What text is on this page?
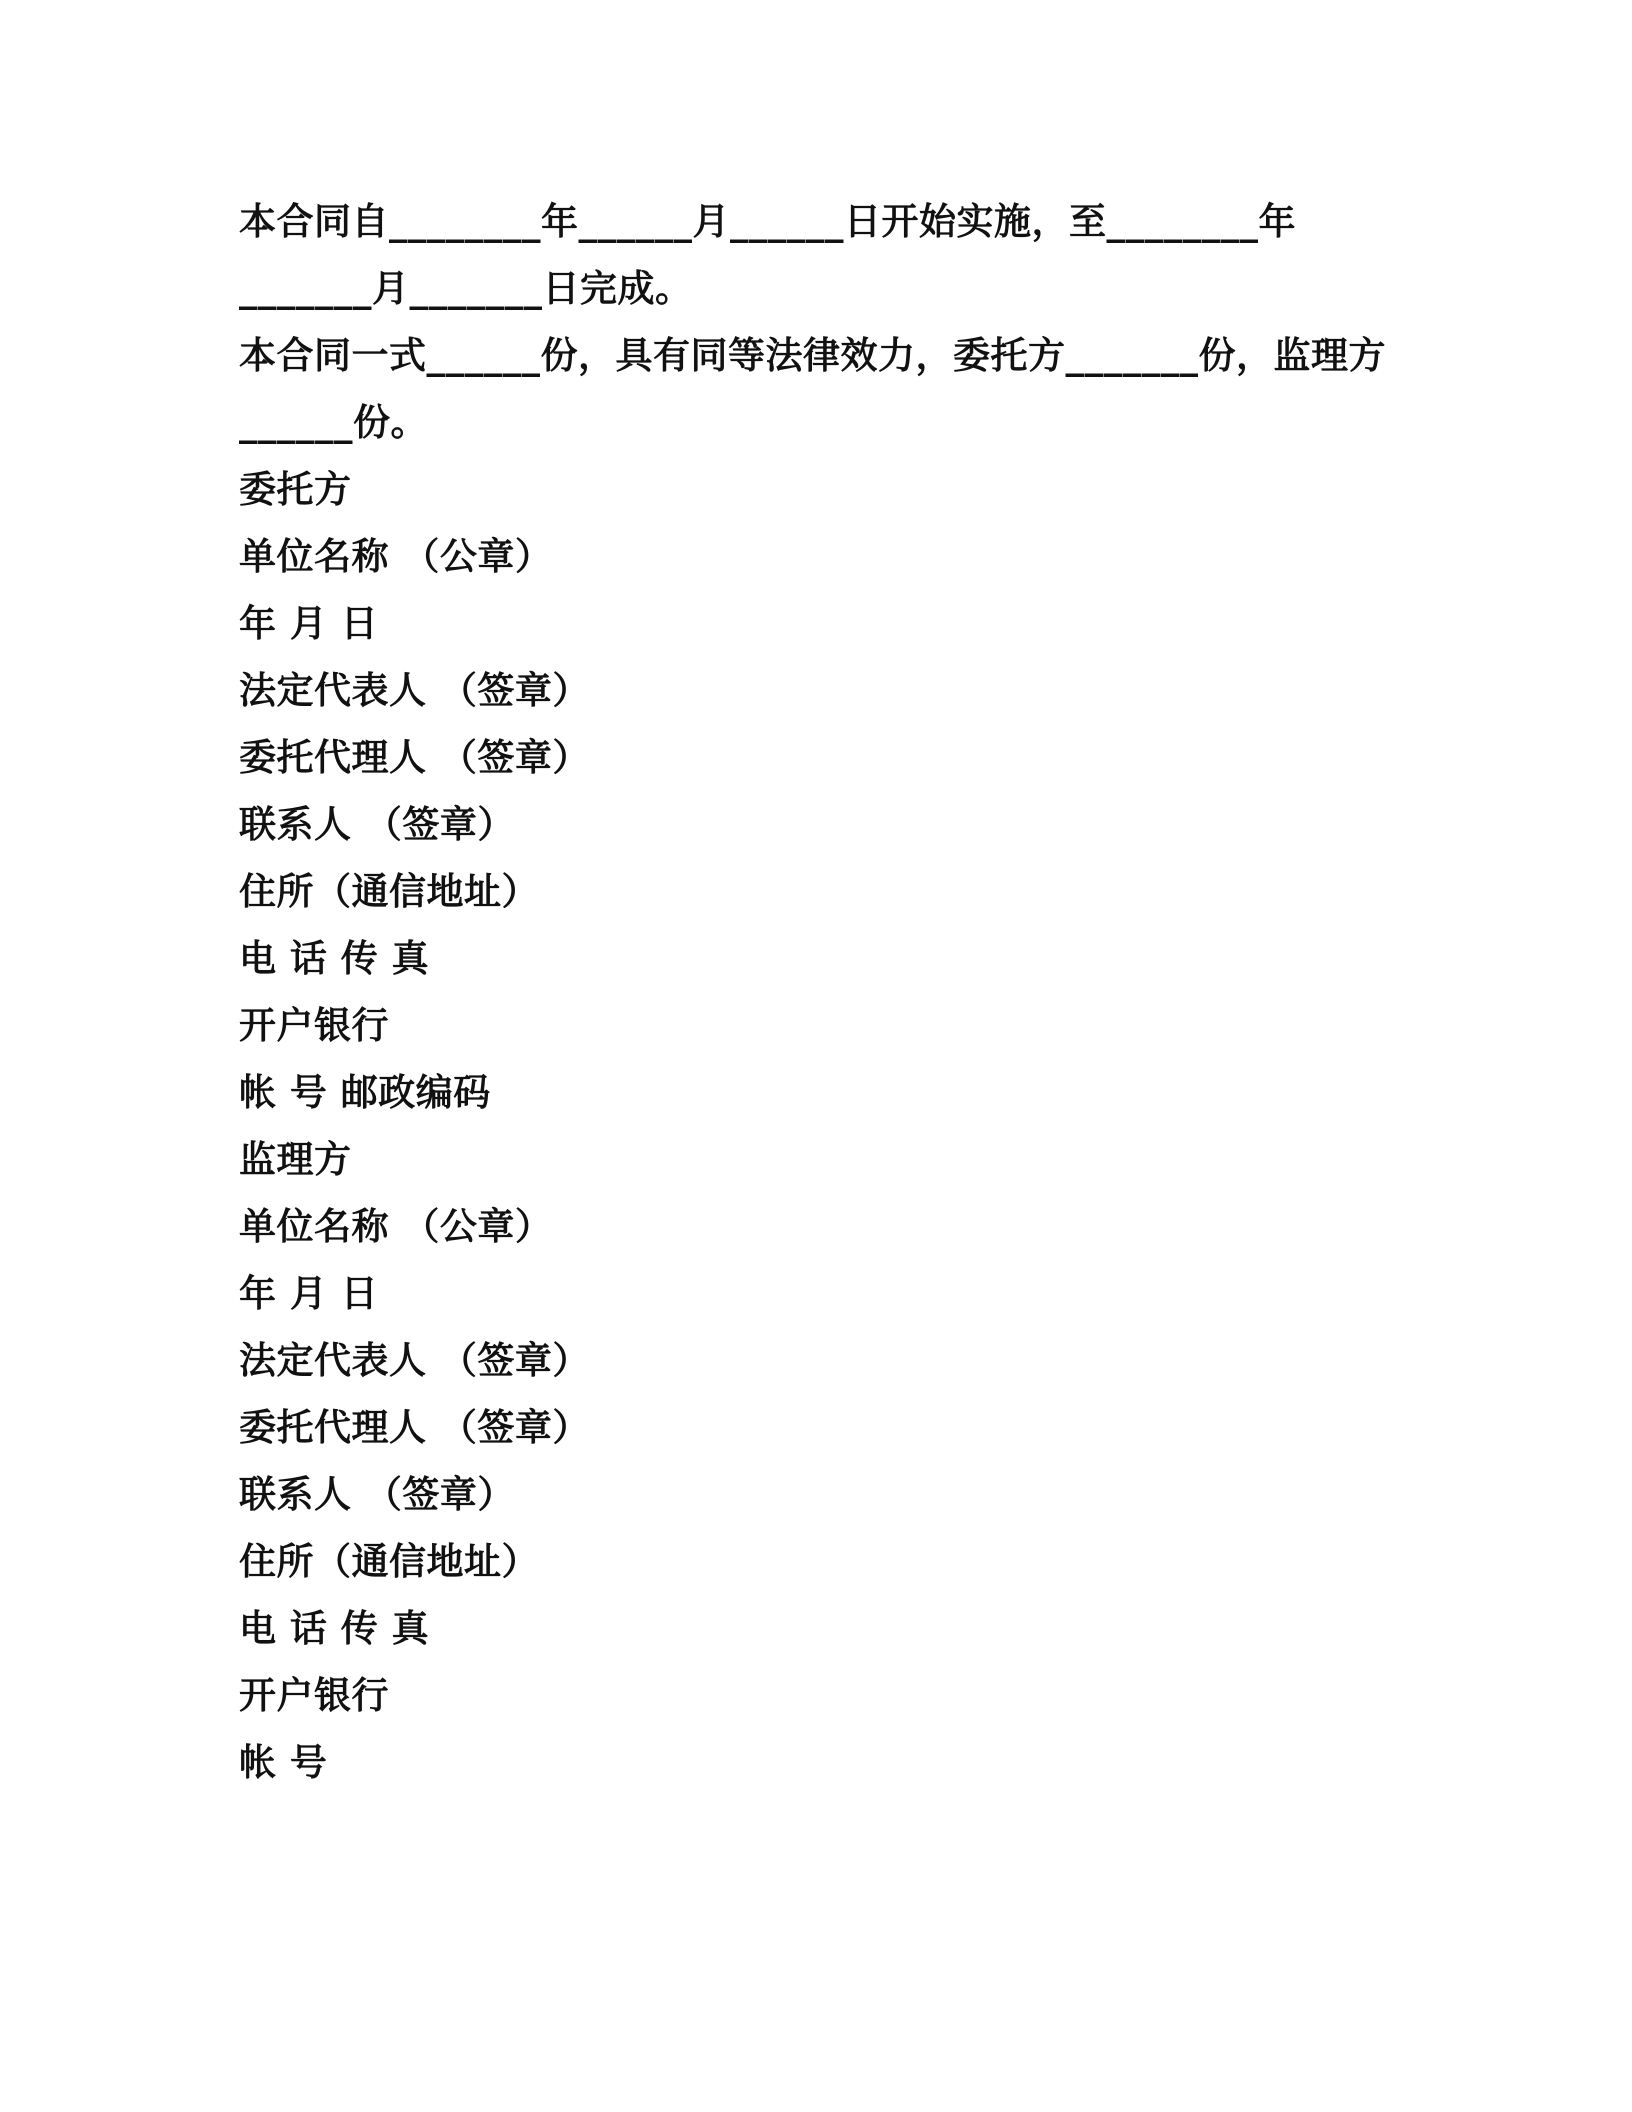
本合同自________年______月______日开始实施，至________年
_______月_______日完成。
本合同一式______份，具有同等法律效力，委托方_______份，监理方
______份。
委托方
单位名称 （公章）
年 月 日
法定代表人 （签章）
委托代理人 （签章）
联系人 （签章）
住所（通信地址）
电 话 传 真
开户银行
帐 号 邮政编码
监理方
单位名称 （公章）
年 月 日
法定代表人 （签章）
委托代理人 （签章）
联系人 （签章）
住所（通信地址）
电 话 传 真
开户银行
帐 号
